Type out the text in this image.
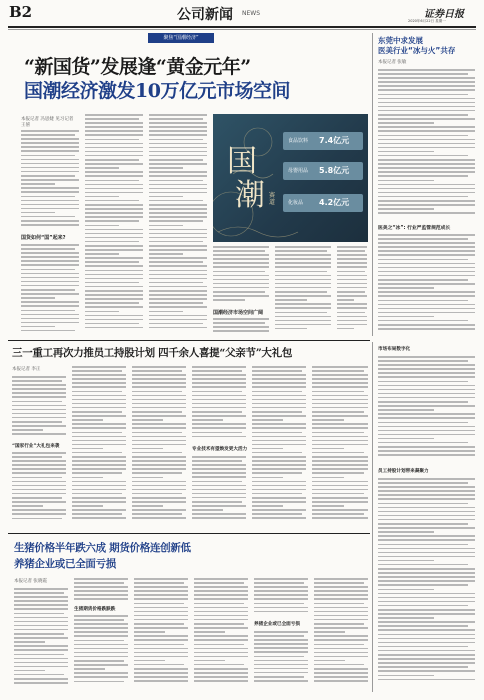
B2	公司新闻 NEWS	证券日报
2020年6月22日 星期一
聚焦“国潮经济”
“新国货”发展逢“黄金元年”
国潮经济激发10万亿元市场空间
本报记者 冯思婕 见习记者 王僖
国货如何“国”起来?
国潮经济市场空间广阔
国
潮 赛道
食品饮料 7.4亿元
母婴用品 5.8亿元
化妆品 4.2亿元
东莞中求发展
医美行业“冰与火”共存
本报记者 张敏
医美之“冰”: 行业严监管规范成长
三一重工再次力推员工持股计划 四千余人喜提“父亲节”大礼包
本报记者 李正
“国家行业”大礼包来袭
专业技术有望焕发更大活力
市场布局数字化
员工持股计划带来凝聚力
生猪价格半年跌六成 期货价格连创新低
养猪企业或已全面亏损
本报记者 张晓霞
生猪期货价格跌跌跌
养猪企业或已全面亏损
